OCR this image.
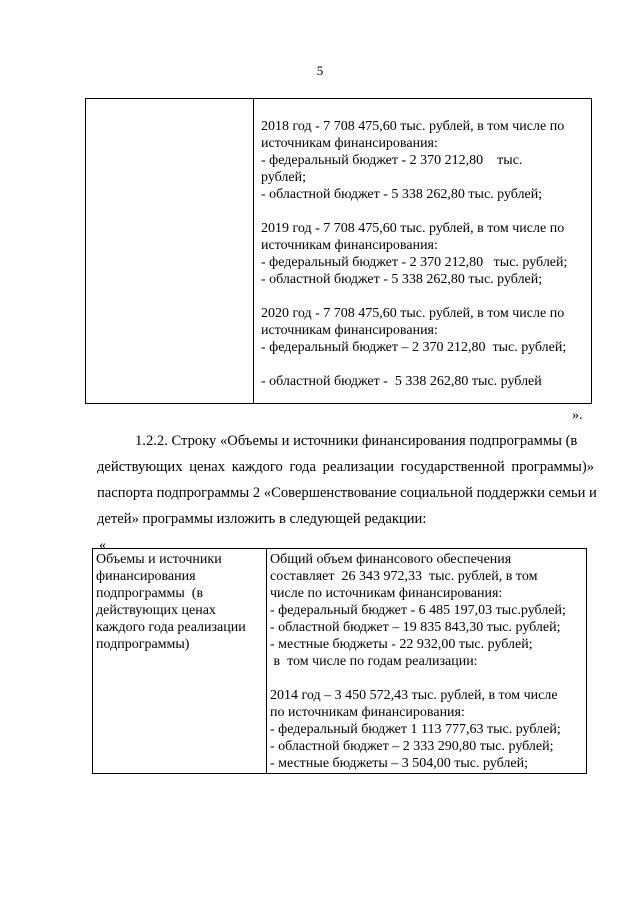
5
2018 год - 7 708 475,60 тыс. рублей, в том числе по
источникам финансирования:
- федеральный бюджет - 2 370 212,80    тыс.
рублей;
- областной бюджет - 5 338 262,80 тыс. рублей;
2019 год - 7 708 475,60 тыс. рублей, в том числе по
источникам финансирования:
- федеральный бюджет - 2 370 212,80   тыс. рублей;
- областной бюджет - 5 338 262,80 тыс. рублей;
2020 год - 7 708 475,60 тыс. рублей, в том числе по
источникам финансирования:
- федеральный бюджет – 2 370 212,80  тыс. рублей;
- областной бюджет -  5 338 262,80 тыс. рублей
».
1.2.2. Строку «Объемы и источники финансирования подпрограммы (в
действующих ценах каждого года реализации государственной программы)»
паспорта подпрограммы 2 «Совершенствование социальной поддержки семьи и
детей» программы изложить в следующей редакции:
«
Объемы и источники
финансирования
подпрограммы  (в
действующих ценах
каждого года реализации
подпрограммы)
Общий объем финансового обеспечения
составляет  26 343 972,33  тыс. рублей, в том
числе по источникам финансирования:
- федеральный бюджет - 6 485 197,03 тыс.рублей;
- областной бюджет – 19 835 843,30 тыс. рублей;
- местные бюджеты - 22 932,00 тыс. рублей;
в  том числе по годам реализации:
2014 год – 3 450 572,43 тыс. рублей, в том числе
по источникам финансирования:
- федеральный бюджет 1 113 777,63 тыс. рублей;
- областной бюджет – 2 333 290,80 тыс. рублей;
- местные бюджеты – 3 504,00 тыс. рублей;
